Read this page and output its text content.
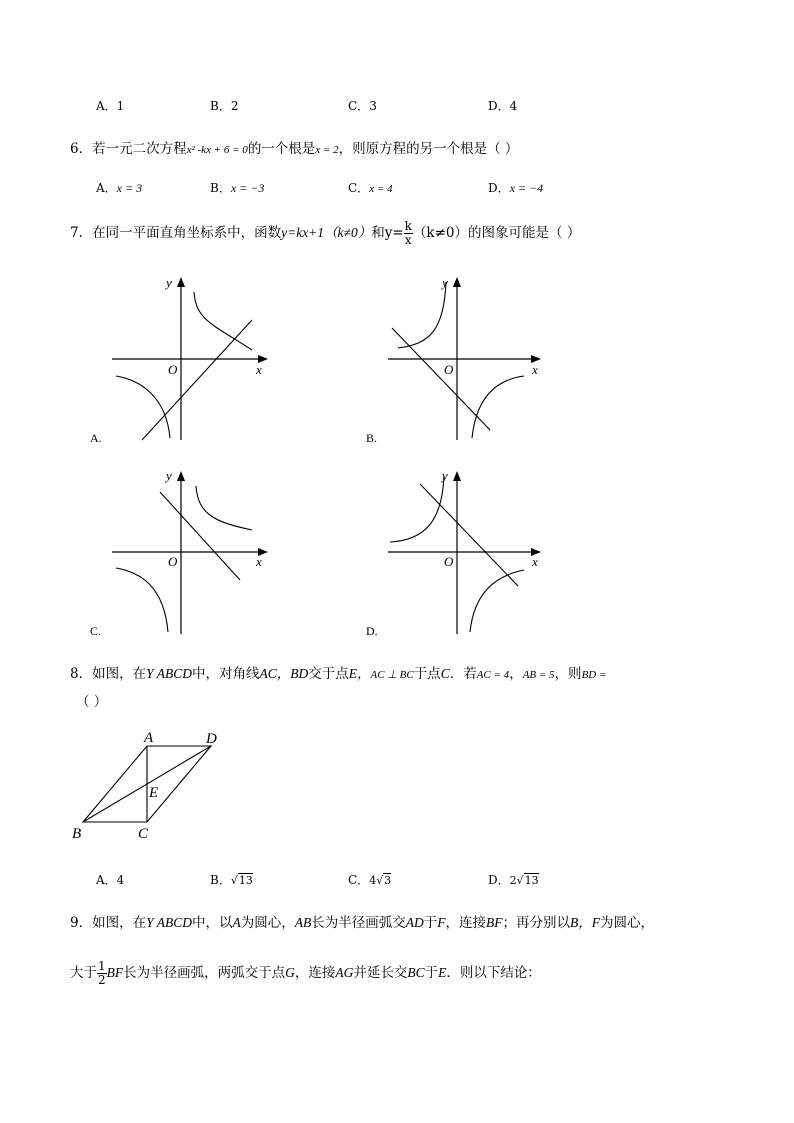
A．1	B．2	C．3	D．4
6．若一元二次方程x² -kx + 6 = 0的一个根是x = 2，则原方程的另一个根是（ ）
A．x = 3	B．x = −3	C．x = 4	D．x = −4
7．在同一平面直角坐标系中，函数y=kx+1（k≠0）和$y= \frac{k}{x} (k\ne 0)$的图象可能是（ ）
y
x
O
A.
y
x
O
B.
y
x
O
C.
y
x
O
D.
8．如图，在Y ABCD中，对角线AC，BD交于点E，AC ⊥ BC于点C．若AC = 4，AB = 5，则BD =
（ ）
A	D
E
B	C
A．4	B．√13	C．4√3	D．2√13
9．如图，在Y ABCD中，以A为圆心，AB长为半径画弧交AD于F，连接BF；再分别以B，F为圆心，
大于 $\frac{1}{2}$ BF长为半径画弧，两弧交于点G，连接AG并延长交BC于E．则以下结论：
